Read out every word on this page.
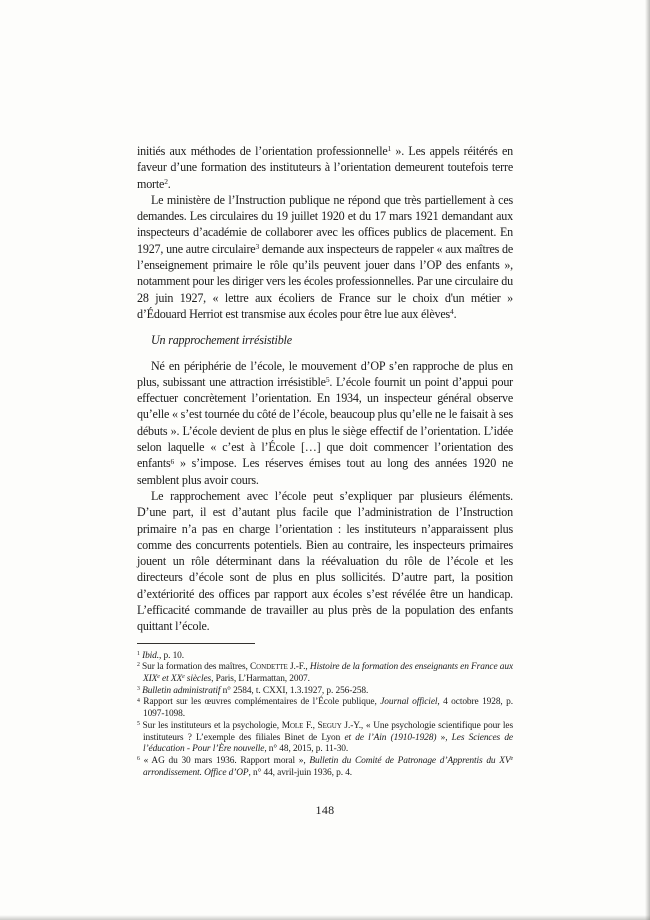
initiés aux méthodes de l’orientation professionnelle$^1$ ». Les appels réitérés en faveur d’une formation des instituteurs à l’orientation demeurent toutefois terre morte$^2$.

Le ministère de l’Instruction publique ne répond que très partiellement à ces demandes. Les circulaires du 19 juillet 1920 et du 17 mars 1921 demandant aux inspecteurs d’académie de collaborer avec les offices publics de placement. En 1927, une autre circulaire$^3$ demande aux inspecteurs de rappeler « aux maîtres de l’enseignement primaire le rôle qu’ils peuvent jouer dans l’OP des enfants », notamment pour les diriger vers les écoles professionnelles. Par une circulaire du 28 juin 1927, « lettre aux écoliers de France sur le choix d'un métier » d’Édouard Herriot est transmise aux écoles pour être lue aux élèves$^4$.

Un rapprochement irrésistible

Né en périphérie de l’école, le mouvement d’OP s’en rapproche de plus en plus, subissant une attraction irrésistible$^5$. L’école fournit un point d’appui pour effectuer concrètement l’orientation. En 1934, un inspecteur général observe qu’elle « s’est tournée du côté de l’école, beaucoup plus qu’elle ne le faisait à ses débuts ». L’école devient de plus en plus le siège effectif de l’orientation. L’idée selon laquelle « c’est à l’École […] que doit commencer l’orientation des enfants$^6$ » s’impose. Les réserves émises tout au long des années 1920 ne semblent plus avoir cours.

Le rapprochement avec l’école peut s’expliquer par plusieurs éléments. D’une part, il est d’autant plus facile que l’administration de l’Instruction primaire n’a pas en charge l’orientation : les instituteurs n’apparaissent plus comme des concurrents potentiels. Bien au contraire, les inspecteurs primaires jouent un rôle déterminant dans la réévaluation du rôle de l’école et les directeurs d’école sont de plus en plus sollicités. D’autre part, la position d’extériorité des offices par rapport aux écoles s’est révélée être un handicap. L’efficacité commande de travailler au plus près de la population des enfants quittant l’école.

$^1$ Ibid., p. 10.

$^2$ Sur la formation des maîtres, Condette J.-F., Histoire de la formation des enseignants en France aux XIXe et XXe siècles, Paris, L’Harmattan, 2007.

$^3$ Bulletin administratif n° 2584, t. CXXI, 1.3.1927, p. 256-258.

$^4$ Rapport sur les œuvres complémentaires de l’École publique, Journal officiel, 4 octobre 1928, p. 1097-1098.

$^5$ Sur les instituteurs et la psychologie, Mole F., Seguy J.-Y., « Une psychologie scientifique pour les instituteurs ? L’exemple des filiales Binet de Lyon et de l’Ain (1910-1928) », Les Sciences de l’éducation - Pour l’Ère nouvelle, n° 48, 2015, p. 11-30.

$^6$ « AG du 30 mars 1936. Rapport moral », Bulletin du Comité de Patronage d’Apprentis du XVe arrondissement. Office d’OP, n° 44, avril-juin 1936, p. 4.

148
